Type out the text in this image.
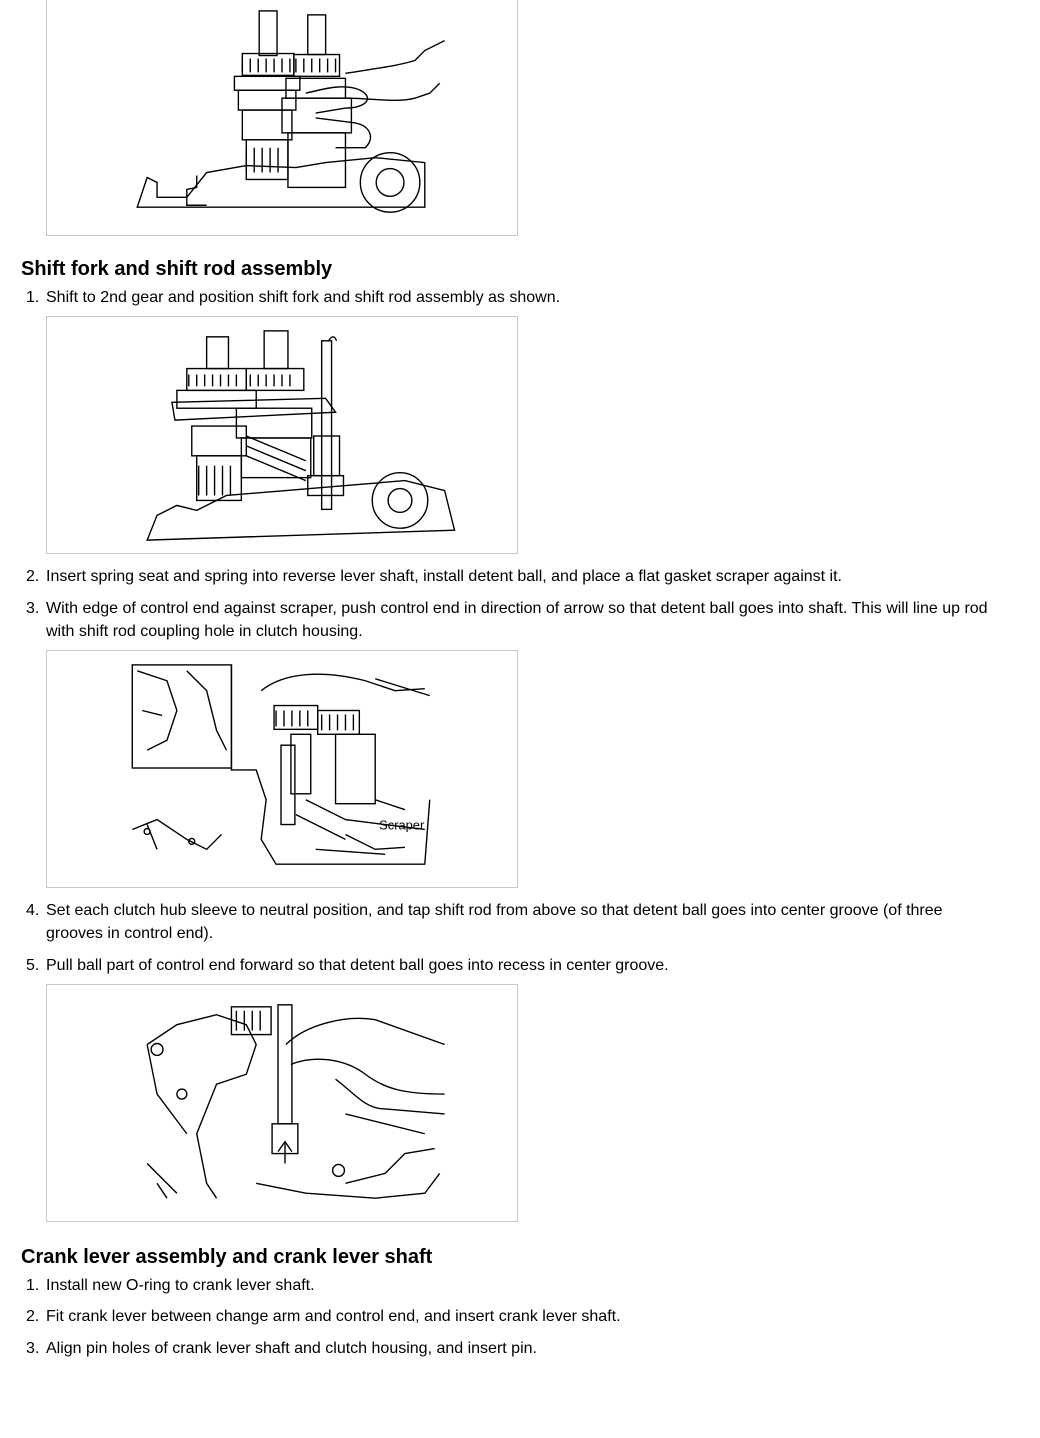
Shift fork and shift rod assembly
1. Shift to 2nd gear and position shift fork and shift rod assembly as shown.
2. Insert spring seat and spring into reverse lever shaft, install detent ball, and place a flat gasket scraper against it.
3. With edge of control end against scraper, push control end in direction of arrow so that detent ball goes into shaft. This will line up rod with shift rod coupling hole in clutch housing.
Scraper
4. Set each clutch hub sleeve to neutral position, and tap shift rod from above so that detent ball goes into center groove (of three grooves in control end).
5. Pull ball part of control end forward so that detent ball goes into recess in center groove.
Crank lever assembly and crank lever shaft
1. Install new O-ring to crank lever shaft.
2. Fit crank lever between change arm and control end, and insert crank lever shaft.
3. Align pin holes of crank lever shaft and clutch housing, and insert pin.
